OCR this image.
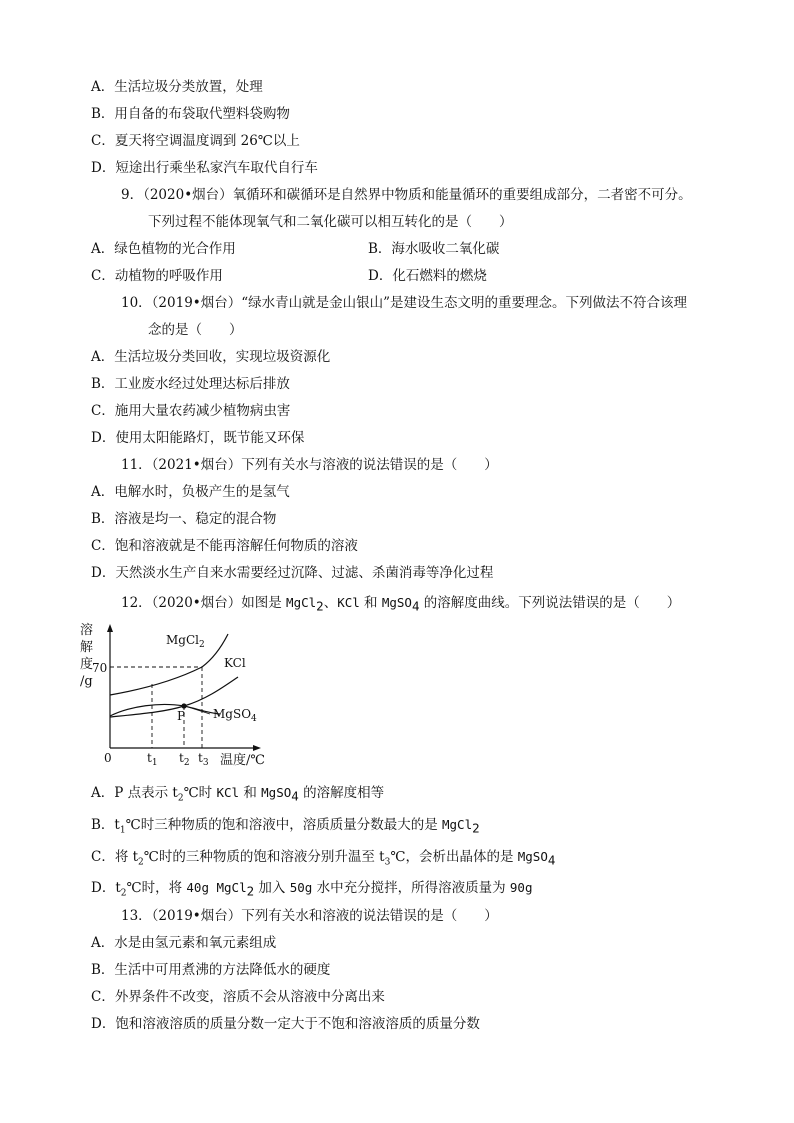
A．生活垃圾分类放置，处理
B．用自备的布袋取代塑料袋购物
C．夏天将空调温度调到 26℃以上
D．短途出行乘坐私家汽车取代自行车
9．（2020•烟台）氧循环和碳循环是自然界中物质和能量循环的重要组成部分，二者密不可分。
下列过程不能体现氧气和二氧化碳可以相互转化的是（　　）
A．绿色植物的光合作用	B．海水吸收二氧化碳
C．动植物的呼吸作用	D．化石燃料的燃烧
10．（2019•烟台）“绿水青山就是金山银山”是建设生态文明的重要理念。下列做法不符合该理
念的是（　　）
A．生活垃圾分类回收，实现垃圾资源化
B．工业废水经过处理达标后排放
C．施用大量农药减少植物病虫害
D．使用太阳能路灯，既节能又环保
11．（2021•烟台）下列有关水与溶液的说法错误的是（　　）
A．电解水时，负极产生的是氢气
B．溶液是均一、稳定的混合物
C．饱和溶液就是不能再溶解任何物质的溶液
D．天然淡水生产自来水需要经过沉降、过滤、杀菌消毒等净化过程
12．（2020•烟台）如图是 MgCl$_2$、KCl 和 MgSO$_4$ 的溶解度曲线。下列说法错误的是（　　）
溶
解
度
/g
0
70
温度/℃
P
MgCl$_2$
KCl
MgSO$_4$
$t_1$ $t_2$ $t_3$
A．P 点表示 $t_2℃$时 KCl 和 MgSO$_4$ 的溶解度相等
B．$t_1℃$时三种物质的饱和溶液中，溶质质量分数最大的是 MgCl$_2$
C．将 $t_2℃$时的三种物质的饱和溶液分别升温至 $t_3℃$，会析出晶体的是 MgSO$_4$
D．$t_2℃$时，将 40g MgCl$_2$ 加入 50g 水中充分搅拌，所得溶液质量为 90g
13．（2019•烟台）下列有关水和溶液的说法错误的是（　　）
A．水是由氢元素和氧元素组成
B．生活中可用煮沸的方法降低水的硬度
C．外界条件不改变，溶质不会从溶液中分离出来
D．饱和溶液溶质的质量分数一定大于不饱和溶液溶质的质量分数
